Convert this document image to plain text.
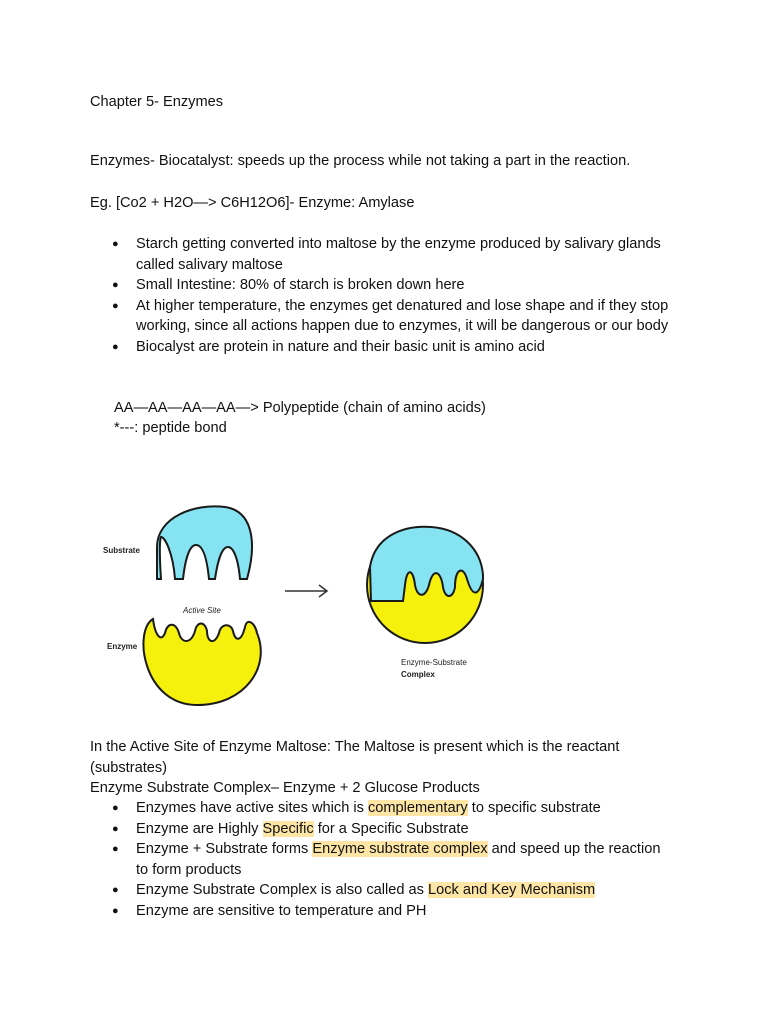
Chapter 5- Enzymes
Enzymes- Biocatalyst: speeds up the process while not taking a part in the reaction.
Eg. [Co2 + H2O—> C6H12O6]- Enzyme: Amylase
● Starch getting converted into maltose by the enzyme produced by salivary glands called salivary maltose
● Small Intestine: 80% of starch is broken down here
● At higher temperature, the enzymes get denatured and lose shape and if they stop working, since all actions happen due to enzymes, it will be dangerous or our body
● Biocalyst are protein in nature and their basic unit is amino acid
AA—AA—AA—AA—> Polypeptide (chain of amino acids)
*---: peptide bond
Substrate
Active Site
Enzyme
Enzyme-Substrate
Complex
In the Active Site of Enzyme Maltose: The Maltose is present which is the reactant (substrates)
Enzyme Substrate Complex– Enzyme + 2 Glucose Products
● Enzymes have active sites which is complementary to specific substrate
● Enzyme are Highly Specific for a Specific Substrate
● Enzyme + Substrate forms Enzyme substrate complex and speed up the reaction to form products
● Enzyme Substrate Complex is also called as Lock and Key Mechanism
● Enzyme are sensitive to temperature and PH
